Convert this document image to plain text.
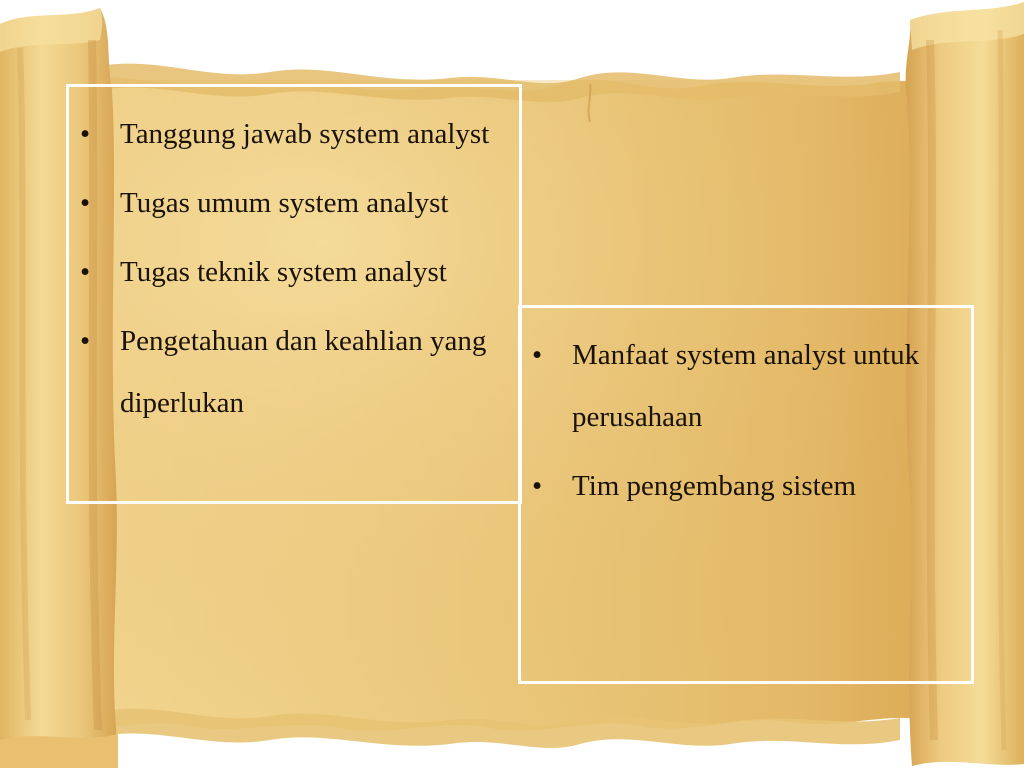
• Tanggung jawab system analyst
• Tugas umum system analyst
• Tugas teknik system analyst
• Pengetahuan dan keahlian yang diperlukan
• Manfaat system analyst untuk perusahaan
• Tim pengembang sistem
